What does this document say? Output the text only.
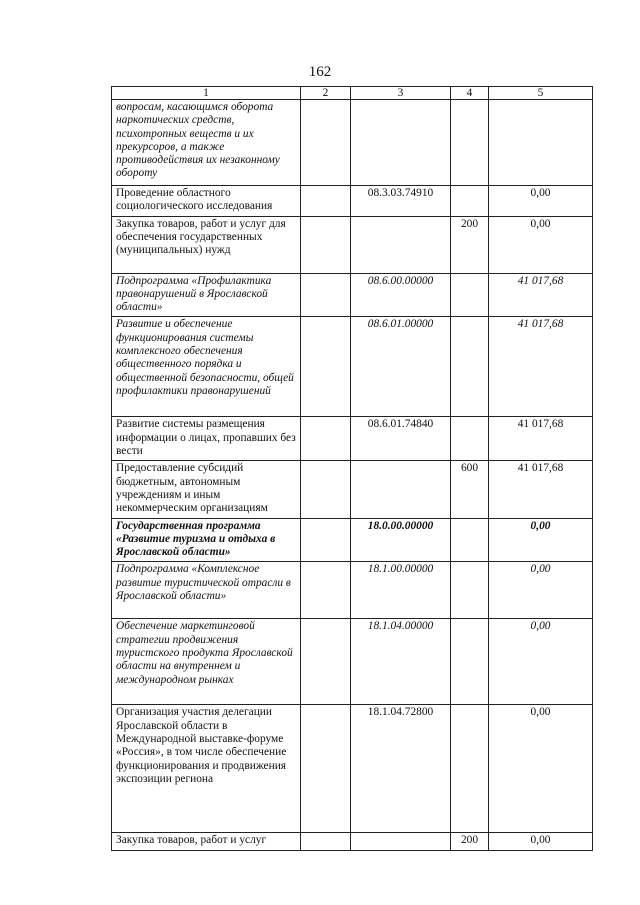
162
1	2	3	4	5
вопросам, касающимся оборота наркотических средств, психотропных веществ и их прекурсоров, а также противодействия их незаконному обороту				
Проведение областного социологического исследования		08.3.03.74910		0,00
Закупка товаров, работ и услуг для обеспечения государственных (муниципальных) нужд			200	0,00
Подпрограмма «Профилактика правонарушений в Ярославской области»		08.6.00.00000		41 017,68
Развитие и обеспечение функционирования системы комплексного обеспечения общественного порядка и общественной безопасности, общей профилактики правонарушений		08.6.01.00000		41 017,68
Развитие системы размещения информации о лицах, пропавших без вести		08.6.01.74840		41 017,68
Предоставление субсидий бюджетным, автономным учреждениям и иным некоммерческим организациям			600	41 017,68
Государственная программа «Развитие туризма и отдыха в Ярославской области»		18.0.00.00000		0,00
Подпрограмма «Комплексное развитие туристической отрасли в Ярославской области»		18.1.00.00000		0,00
Обеспечение маркетинговой стратегии продвижения туристского продукта Ярославской области на внутреннем и международном рынках		18.1.04.00000		0,00
Организация участия делегации Ярославской области в Международной выставке-форуме «Россия», в том числе обеспечение функционирования и продвижения экспозиции региона		18.1.04.72800		0,00
Закупка товаров, работ и услуг			200	0,00
